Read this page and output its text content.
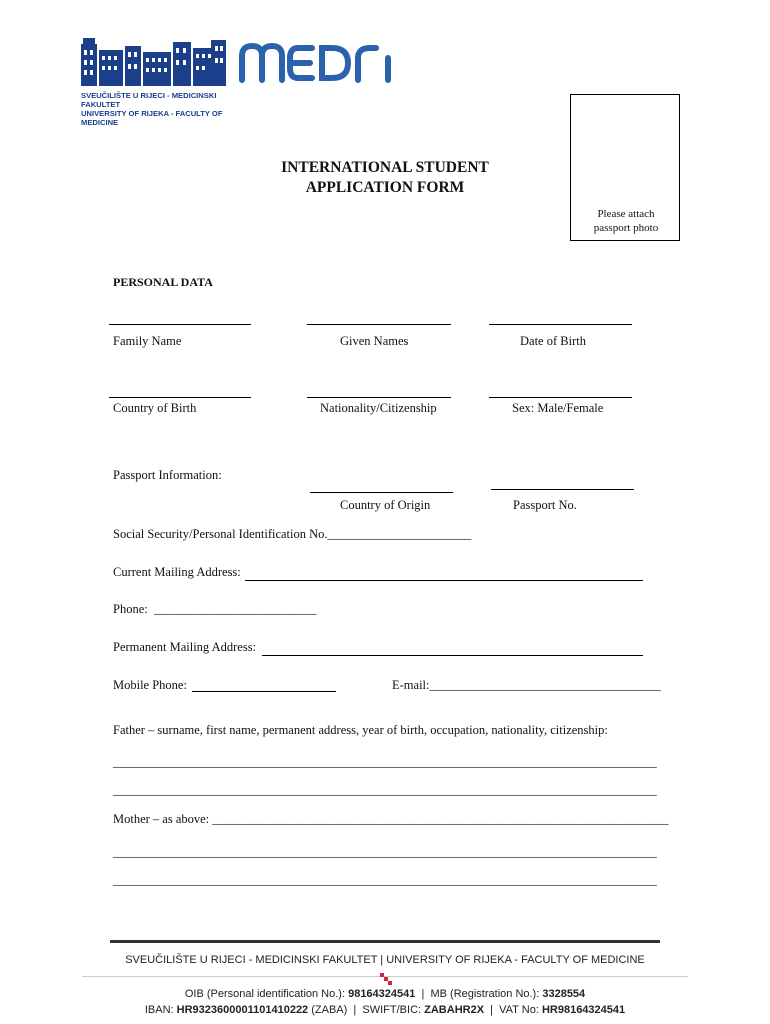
SVEUČILIŠTE U RIJECI - MEDICINSKI FAKULTET
UNIVERSITY OF RIJEKA - FACULTY OF MEDICINE
Please attach
passport photo
INTERNATIONAL STUDENT
APPLICATION FORM
PERSONAL DATA
Family Name	Given Names	Date of Birth
Country of Birth	Nationality/Citizenship	Sex: Male/Female
Passport Information:
Country of Origin	Passport No.
Social Security/Personal Identification No._______________________
Current Mailing Address:
Phone: __________________________
Permanent Mailing Address:
Mobile Phone:	E-mail:_____________________________________
Father – surname, first name, permanent address, year of birth, occupation, nationality, citizenship:
_______________________________________________________________________________________
_______________________________________________________________________________________
Mother – as above: _________________________________________________________________________
_______________________________________________________________________________________
_______________________________________________________________________________________
SVEUČILIŠTE U RIJECI - MEDICINSKI FAKULTET | UNIVERSITY OF RIJEKA - FACULTY OF MEDICINE
OIB (Personal identification No.): 98164324541  |  MB (Registration No.): 3328554
IBAN: HR9323600001101410222 (ZABA)  |  SWIFT/BIC: ZABAHR2X  |  VAT No: HR98164324541
